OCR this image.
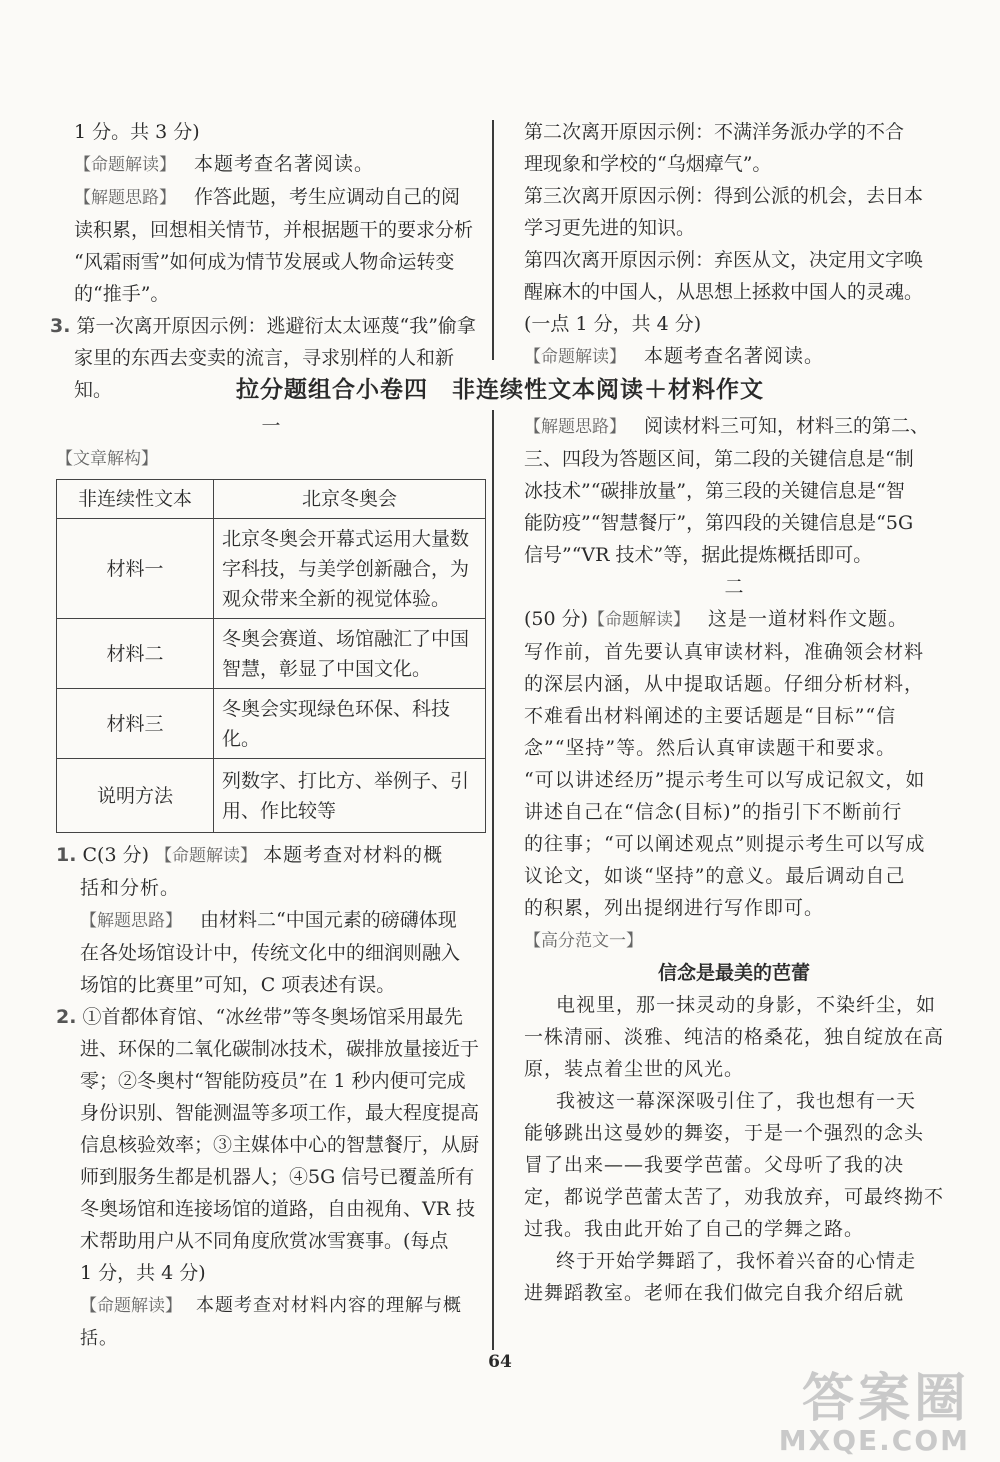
1 分。共 3 分)

【命题解读】 本题考查名著阅读。

【解题思路】 作答此题，考生应调动自己的阅

读积累，回想相关情节，并根据题干的要求分析

“风霜雨雪”如何成为情节发展或人物命运转变

的“推手”。

3. 第一次离开原因示例：逃避衍太太诬蔑“我”偷拿

家里的东西去变卖的流言，寻求别样的人和新知。

第二次离开原因示例：不满洋务派办学的不合

理现象和学校的“乌烟瘴气”。

第三次离开原因示例：得到公派的机会，去日本

学习更先进的知识。

第四次离开原因示例：弃医从文，决定用文字唤

醒麻木的中国人，从思想上拯救中国人的灵魂。

(一点 1 分，共 4 分)

【命题解读】 本题考查名著阅读。

拉分题组合小卷四　非连续性文本阅读＋材料作文

一

【文章解构】

非连续性文本	北京冬奥会
材料一	北京冬奥会开幕式运用大量数字科技，与美学创新融合，为观众带来全新的视觉体验。
材料二	冬奥会赛道、场馆融汇了中国智慧，彰显了中国文化。
材料三	冬奥会实现绿色环保、科技化。
说明方法	列数字、打比方、举例子、引用、作比较等

1. C(3 分) 【命题解读】 本题考查对材料的概

括和分析。

【解题思路】 由材料二“中国元素的磅礴体现

在各处场馆设计中，传统文化中的细润则融入

场馆的比赛里”可知，C 项表述有误。

2. ①首都体育馆、“冰丝带”等冬奥场馆采用最先

进、环保的二氧化碳制冰技术，碳排放量接近于

零；②冬奥村“智能防疫员”在 1 秒内便可完成

身份识别、智能测温等多项工作，最大程度提高

信息核验效率；③主媒体中心的智慧餐厅，从厨

师到服务生都是机器人；④5G 信号已覆盖所有

冬奥场馆和连接场馆的道路，自由视角、VR 技

术帮助用户从不同角度欣赏冰雪赛事。(每点

1 分，共 4 分)

【命题解读】 本题考查对材料内容的理解与概括。

【解题思路】 阅读材料三可知，材料三的第二、

三、四段为答题区间，第二段的关键信息是“制

冰技术”“碳排放量”，第三段的关键信息是“智

能防疫”“智慧餐厅”，第四段的关键信息是“5G

信号”“VR 技术”等，据此提炼概括即可。

二

(50 分)【命题解读】 这是一道材料作文题。

写作前，首先要认真审读材料，准确领会材料

的深层内涵，从中提取话题。仔细分析材料，

不难看出材料阐述的主要话题是“目标”“信

念”“坚持”等。然后认真审读题干和要求。

“可以讲述经历”提示考生可以写成记叙文，如

讲述自己在“信念(目标)”的指引下不断前行

的往事；“可以阐述观点”则提示考生可以写成

议论文，如谈“坚持”的意义。最后调动自己

的积累，列出提纲进行写作即可。

【高分范文一】

信念是最美的芭蕾

电视里，那一抹灵动的身影，不染纤尘，如

一株清丽、淡雅、纯洁的格桑花，独自绽放在高

原，装点着尘世的风光。

我被这一幕深深吸引住了，我也想有一天

能够跳出这曼妙的舞姿，于是一个强烈的念头

冒了出来——我要学芭蕾。父母听了我的决

定，都说学芭蕾太苦了，劝我放弃，可最终拗不

过我。我由此开始了自己的学舞之路。

终于开始学舞蹈了，我怀着兴奋的心情走

进舞蹈教室。老师在我们做完自我介绍后就

64
答案圈
MXQE.COM
